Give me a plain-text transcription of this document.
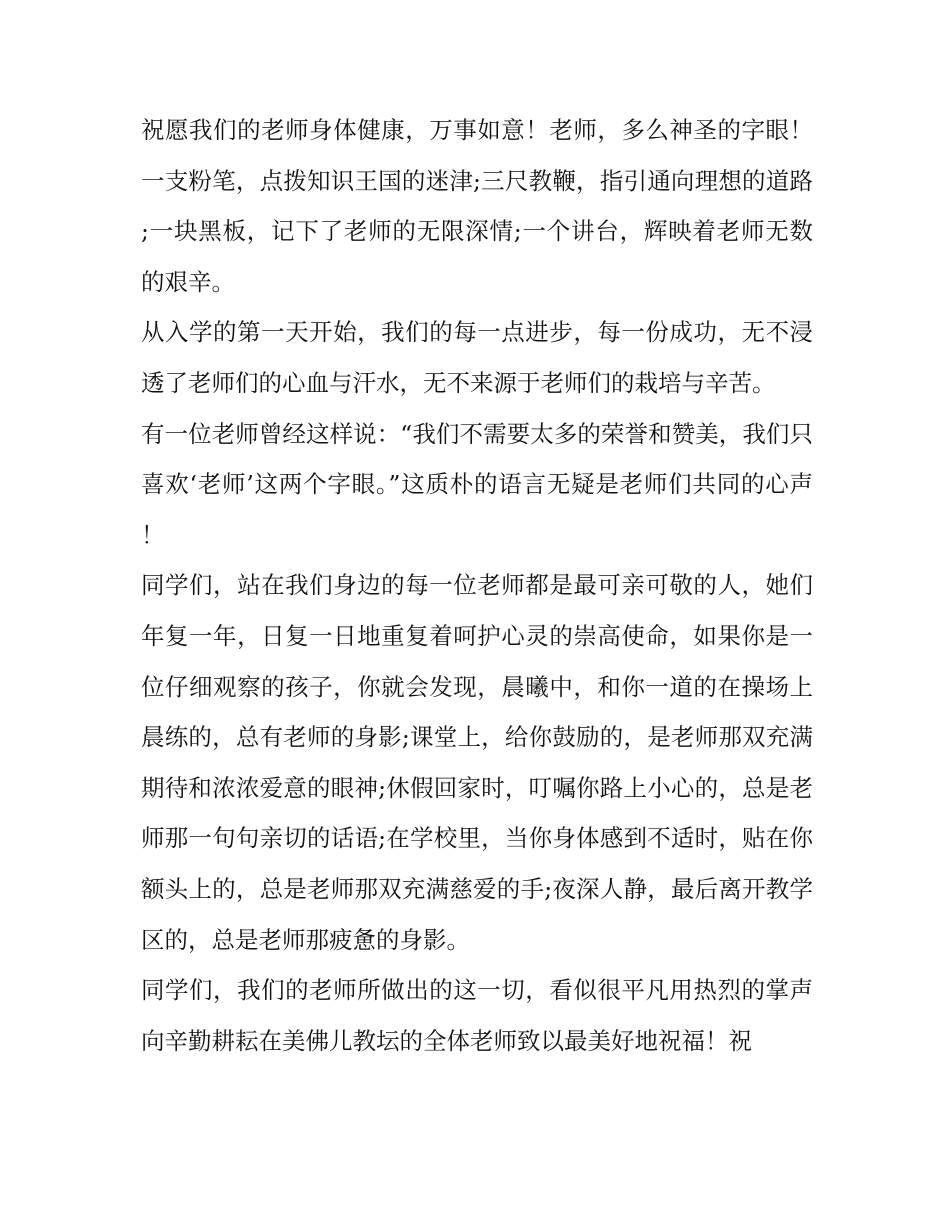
祝愿我们的老师身体健康，万事如意！老师，多么神圣的字眼！一支粉笔，点拨知识王国的迷津;三尺教鞭，指引通向理想的道路;一块黑板，记下了老师的无限深情;一个讲台，辉映着老师无数的艰辛。

从入学的第一天开始，我们的每一点进步，每一份成功，无不浸透了老师们的心血与汗水，无不来源于老师们的栽培与辛苦。

有一位老师曾经这样说：“我们不需要太多的荣誉和赞美，我们只喜欢‘老师’这两个字眼。”这质朴的语言无疑是老师们共同的心声！

同学们，站在我们身边的每一位老师都是最可亲可敬的人，她们年复一年，日复一日地重复着呵护心灵的崇高使命，如果你是一位仔细观察的孩子，你就会发现，晨曦中，和你一道的在操场上晨练的，总有老师的身影;课堂上，给你鼓励的，是老师那双充满期待和浓浓爱意的眼神;休假回家时，叮嘱你路上小心的，总是老师那一句句亲切的话语;在学校里，当你身体感到不适时，贴在你额头上的，总是老师那双充满慈爱的手;夜深人静，最后离开教学区的，总是老师那疲惫的身影。

同学们，我们的老师所做出的这一切，看似很平凡用热烈的掌声向辛勤耕耘在美佛儿教坛的全体老师致以最美好地祝福！祝
